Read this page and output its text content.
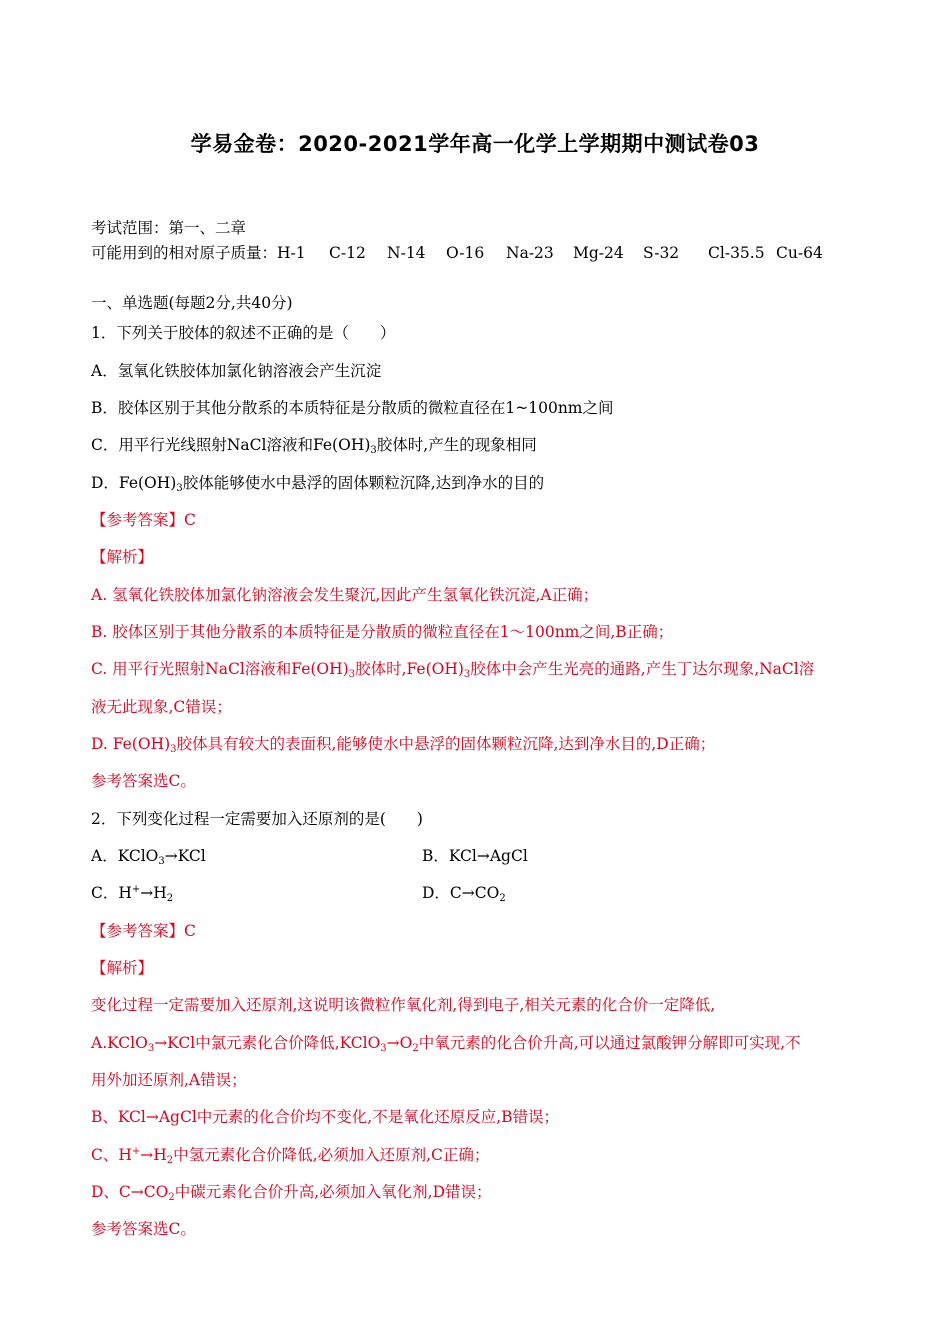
学易金卷：2020-2021学年高一化学上学期期中测试卷03
考试范围：第一、二章
可能用到的相对原子质量：H-1 C-12 N-14 O-16 Na-23 Mg-24 S-32 Cl-35.5 Cu-64
一、单选题(每题2分,共40分)
1．下列关于胶体的叙述不正确的是（　　）
A．氢氧化铁胶体加氯化钠溶液会产生沉淀
B．胶体区别于其他分散系的本质特征是分散质的微粒直径在1~100nm之间
C．用平行光线照射NaCl溶液和$Fe(OH)_3$胶体时,产生的现象相同
D．$Fe(OH)_3$胶体能够使水中悬浮的固体颗粒沉降,达到净水的目的
【参考答案】C
【解析】
A. 氢氧化铁胶体加氯化钠溶液会发生聚沉,因此产生氢氧化铁沉淀,A正确；
B. 胶体区别于其他分散系的本质特征是分散质的微粒直径在1～100nm之间,B正确；
C. 用平行光照射NaCl溶液和$Fe(OH)_3$胶体时$,Fe(OH)_3$胶体中会产生光亮的通路,产生丁达尔现象,NaCl溶
液无此现象,C错误；
D. $Fe(OH)_3$胶体具有较大的表面积,能够使水中悬浮的固体颗粒沉降,达到净水目的,D正确；
参考答案选C。
2．下列变化过程一定需要加入还原剂的是(　　)
A．KClO$_3$→KCl	B．KCl→AgCl
C．$H^+\to H_2$	D．$C\to CO_2$
【参考答案】C
【解析】
变化过程一定需要加入还原剂,这说明该微粒作氧化剂,得到电子,相关元素的化合价一定降低,
A.KClO$_3$→KCl中氯元素化合价降低$,KClO_3\to O_2$中氧元素的化合价升高,可以通过氯酸钾分解即可实现,不
用外加还原剂,A错误；
B、KCl→AgCl中元素的化合价均不变化,不是氧化还原反应,B错误；
C、$H^+\to H_2$中氢元素化合价降低,必须加入还原剂,C正确；
D、$C\to CO_2$中碳元素化合价升高,必须加入氧化剂,D错误；
参考答案选C。
